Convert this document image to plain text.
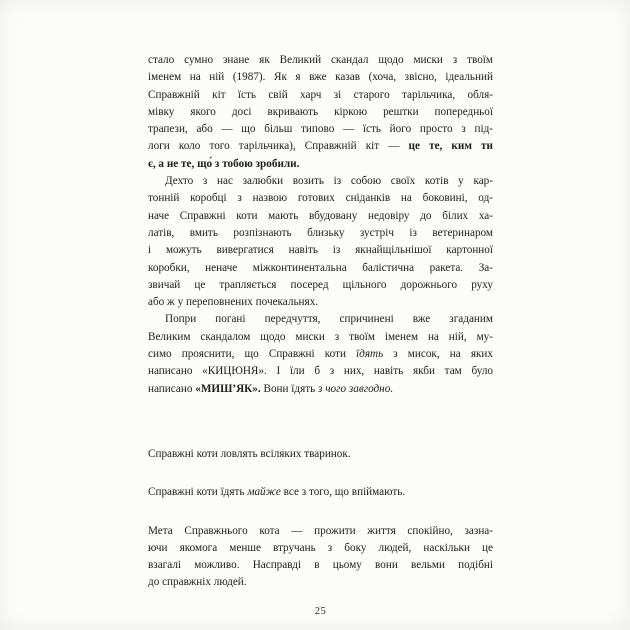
стало сумно знане як Великий скандал щодо миски з твоїм
іменем на ній (1987). Як я вже казав (хоча, звісно, ідеальний
Справжній кіт їсть свій харч зі старого тарільчика, обля-
мівку якого досі вкривають кіркою рештки попередньої
трапези, або — що більш типово — їсть його просто з під-
логи коло того тарільчика), Справжній кіт — це те, ким ти
є, а не те, що́ з тобою зробили.
Дехто з нас залюбки возить із собою своїх котів у кар-
тонній коробці з назвою готових сніданків на боковині, од-
наче Справжні коти мають вбудовану недовіру до білих ха-
латів, вмить розпізнають близьку зустріч із ветеринаром
і можуть вивергатися навіть із якнайщільнішої картонної
коробки, неначе міжконтинентальна балістична ракета. За-
звичай це трапляється посеред щільного дорожнього руху
або ж у переповнених почекальнях.
Попри погані передчуття, спричинені вже згаданим
Великим скандалом щодо миски з твоїм іменем на ній, му-
симо прояснити, що Справжні коти їдять з мисок, на яких
написано «КИЦЮНЯ». І їли б з них, навіть якби там було
написано «МИШ’ЯК». Вони їдять з чого завгодно.
Справжні коти ловлять всіляких тваринок.
Справжні коти їдять майже все з того, що впіймають.
Мета Справжнього кота — прожити життя спокійно, зазна-
ючи якомога менше втручань з боку людей, наскільки це
взагалі можливо. Насправді в цьому вони вельми подібні
до справжніх людей.
25
